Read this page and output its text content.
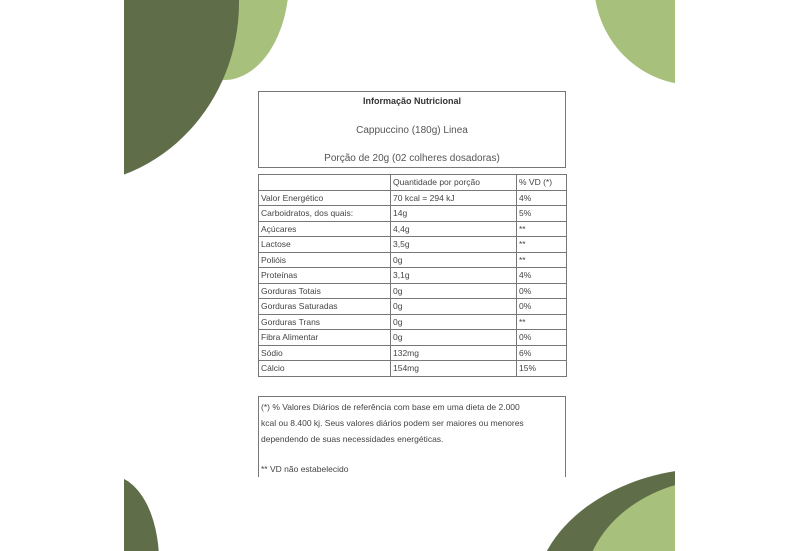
Informação Nutricional
Cappuccino (180g) Linea
Porção de 20g (02 colheres dosadoras)
	Quantidade por porção	% VD (*)
Valor Energético	70 kcal = 294 kJ	4%
Carboidratos, dos quais:	14g	5%
Açúcares	4,4g	**
Lactose	3,5g	**
Polióis	0g	**
Proteínas	3,1g	4%
Gorduras Totais	0g	0%
Gorduras Saturadas	0g	0%
Gorduras Trans	0g	**
Fibra Alimentar	0g	0%
Sódio	132mg	6%
Cálcio	154mg	15%
(*) % Valores Diários de referência com base em uma dieta de 2.000
kcal ou 8.400 kj. Seus valores diários podem ser maiores ou menores
dependendo de suas necessidades energéticas.
** VD não estabelecido
